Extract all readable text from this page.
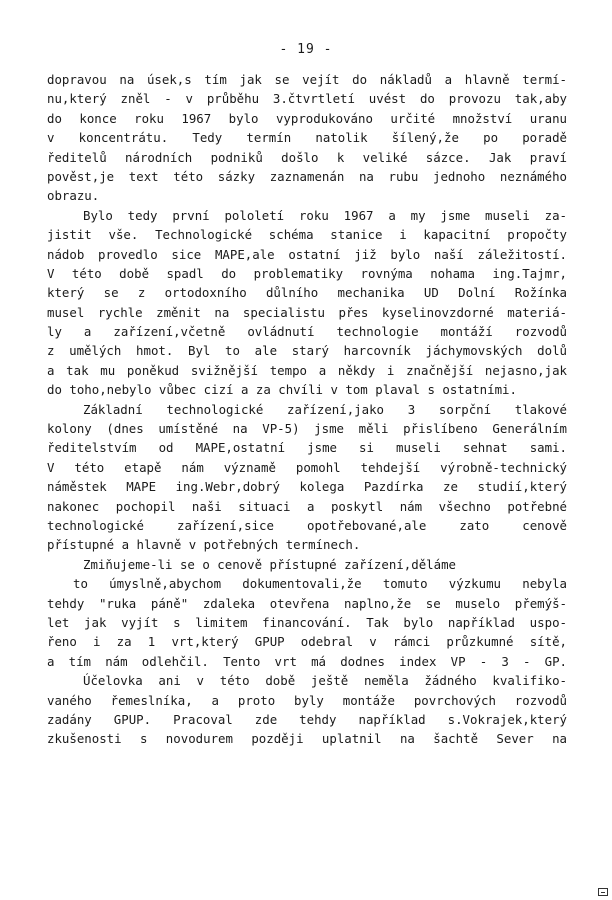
- 19 -
dopravou na úsek,s tím jak se vejít do nákladů a hlavně termí-
nu,který zněl - v průběhu 3.čtvrtletí uvést do provozu tak,aby
do konce roku 1967 bylo vyprodukováno určité množství uranu
v koncentrátu. Tedy termín natolik šílený,že po poradě
ředitelů národních podniků došlo k veliké sázce. Jak praví
pověst,je text této sázky zaznamenán na rubu jednoho neznámého
obrazu.
Bylo tedy první pololetí roku 1967 a my jsme museli za-
jistit vše. Technologické schéma stanice i kapacitní propočty
nádob provedlo sice MAPE,ale ostatní již bylo naší záležitostí.
V této době spadl do problematiky rovnýma nohama ing.Tajmr,
který se z ortodoxního důlního mechanika UD Dolní Rožínka
musel rychle změnit na specialistu přes kyselinovzdorné materiá-
ly a zařízení,včetně ovládnutí technologie montáží rozvodů
z umělých hmot. Byl to ale starý harcovník jáchymovských dolů
a tak mu poněkud svižnější tempo a někdy i značnější nejasno,jak
do toho,nebylo vůbec cizí a za chvíli v tom plaval s ostatními.
Základní technologické zařízení,jako 3 sorpční tlakové
kolony (dnes umístěné na VP-5) jsme měli přislíbeno Generálním
ředitelstvím od MAPE,ostatní jsme si museli sehnat sami.
V této etapě nám významě pomohl tehdejší výrobně-technický
náměstek MAPE ing.Webr,dobrý kolega Pazdírka ze studií,který
nakonec pochopil naši situaci a poskytl nám všechno potřebné
technologické zařízení,sice opotřebované,ale zato cenově
přístupné a hlavně v potřebných termínech.
Zmiňujeme-li se o cenově přístupné zařízení,děláme
to úmyslně,abychom dokumentovali,že tomuto výzkumu nebyla
tehdy "ruka páně" zdaleka otevřena naplno,že se muselo přemýš-
let jak vyjít s limitem financování. Tak bylo například uspo-
řeno i za 1 vrt,který GPUP odebral v rámci průzkumné sítě,
a tím nám odlehčil. Tento vrt má dodnes index VP - 3 - GP.
Účelovka ani v této době ještě neměla žádného kvalifiko-
vaného řemeslníka, a proto byly montáže povrchových rozvodů
zadány GPUP. Pracoval zde tehdy například s.Vokrajek,který
zkušenosti s novodurem později uplatnil na šachtě Sever na
